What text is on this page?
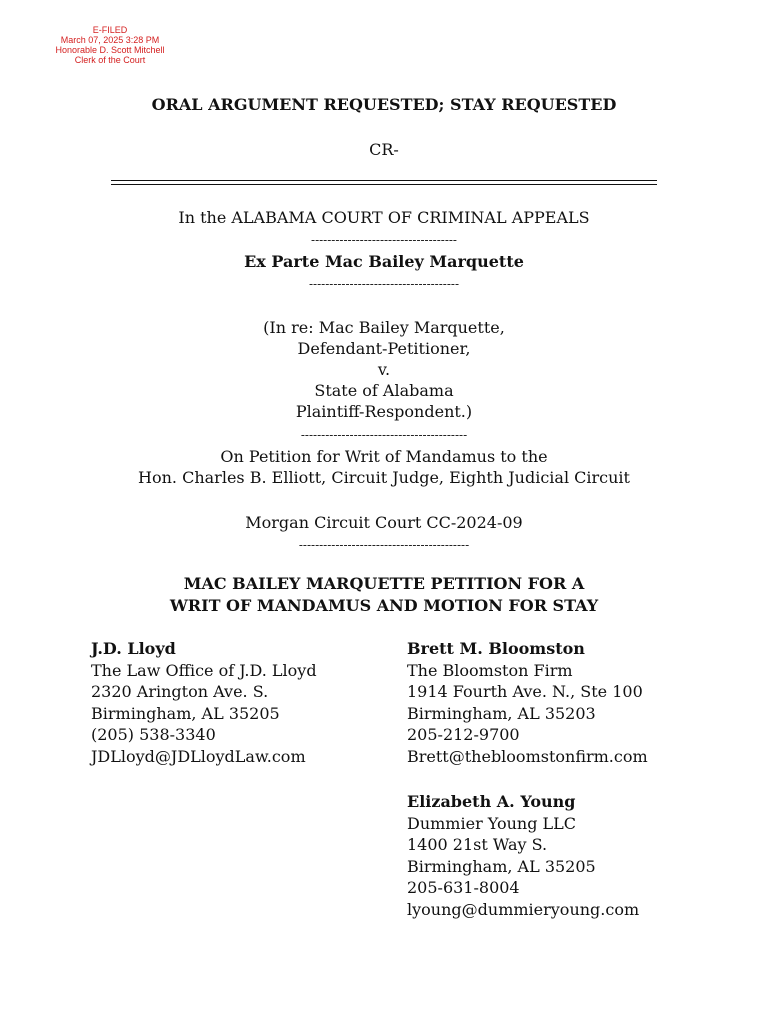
E-FILED
March 07, 2025 3:28 PM
Honorable D. Scott Mitchell
Clerk of the Court
ORAL ARGUMENT REQUESTED; STAY REQUESTED
CR-
In the ALABAMA COURT OF CRIMINAL APPEALS
------------------------------------
Ex Parte Mac Bailey Marquette
-------------------------------------
(In re: Mac Bailey Marquette,
Defendant-Petitioner,
v.
State of Alabama
Plaintiff-Respondent.)
-----------------------------------------
On Petition for Writ of Mandamus to the
Hon. Charles B. Elliott, Circuit Judge, Eighth Judicial Circuit
Morgan Circuit Court CC-2024-09
------------------------------------------
MAC BAILEY MARQUETTE PETITION FOR A
WRIT OF MANDAMUS AND MOTION FOR STAY
J.D. Lloyd
The Law Office of J.D. Lloyd
2320 Arington Ave. S.
Birmingham, AL 35205
(205) 538-3340
JDLloyd@JDLloydLaw.com
Brett M. Bloomston
The Bloomston Firm
1914 Fourth Ave. N., Ste 100
Birmingham, AL 35203
205-212-9700
Brett@thebloomstonfirm.com
Elizabeth A. Young
Dummier Young LLC
1400 21st Way S.
Birmingham, AL 35205
205-631-8004
lyoung@dummieryoung.com
